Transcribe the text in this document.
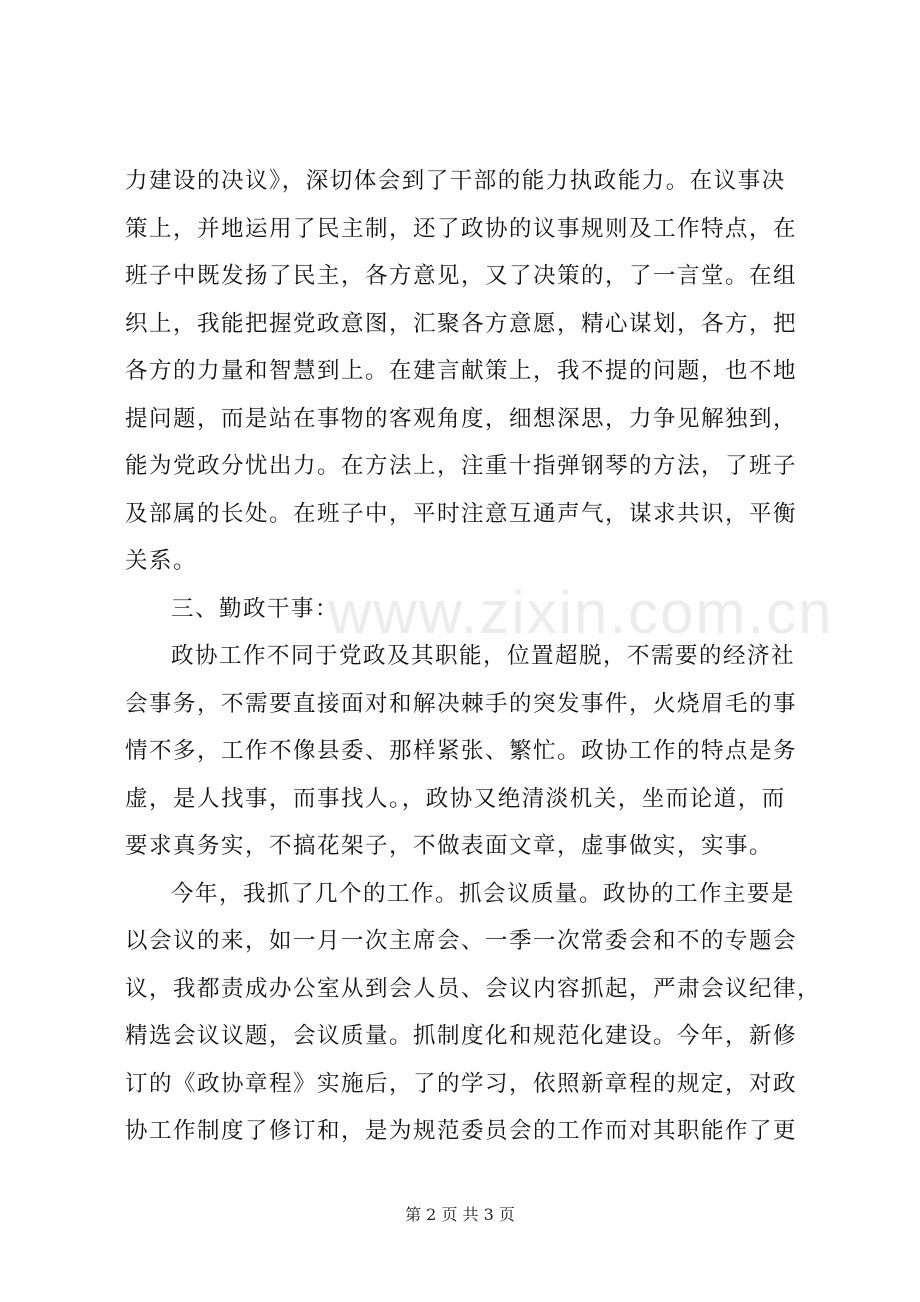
www.zixin.com.cn
力建设的决议》，深切体会到了干部的能力执政能力。在议事决
策上，并地运用了民主制，还了政协的议事规则及工作特点，在
班子中既发扬了民主，各方意见，又了决策的，了一言堂。在组
织上，我能把握党政意图，汇聚各方意愿，精心谋划，各方，把
各方的力量和智慧到上。在建言献策上，我不提的问题，也不地
提问题，而是站在事物的客观角度，细想深思，力争见解独到，
能为党政分忧出力。在方法上，注重十指弹钢琴的方法，了班子
及部属的长处。在班子中，平时注意互通声气，谋求共识，平衡
关系。
三、勤政干事：
政协工作不同于党政及其职能，位置超脱，不需要的经济社
会事务，不需要直接面对和解决棘手的突发事件，火烧眉毛的事
情不多，工作不像县委、那样紧张、繁忙。政协工作的特点是务
虚，是人找事，而事找人。，政协又绝清淡机关，坐而论道，而
要求真务实，不搞花架子，不做表面文章，虚事做实，实事。
今年，我抓了几个的工作。抓会议质量。政协的工作主要是
以会议的来，如一月一次主席会、一季一次常委会和不的专题会
议，我都责成办公室从到会人员、会议内容抓起，严肃会议纪律，
精选会议议题，会议质量。抓制度化和规范化建设。今年，新修
订的《政协章程》实施后，了的学习，依照新章程的规定，对政
协工作制度了修订和，是为规范委员会的工作而对其职能作了更
第 2 页 共 3 页
